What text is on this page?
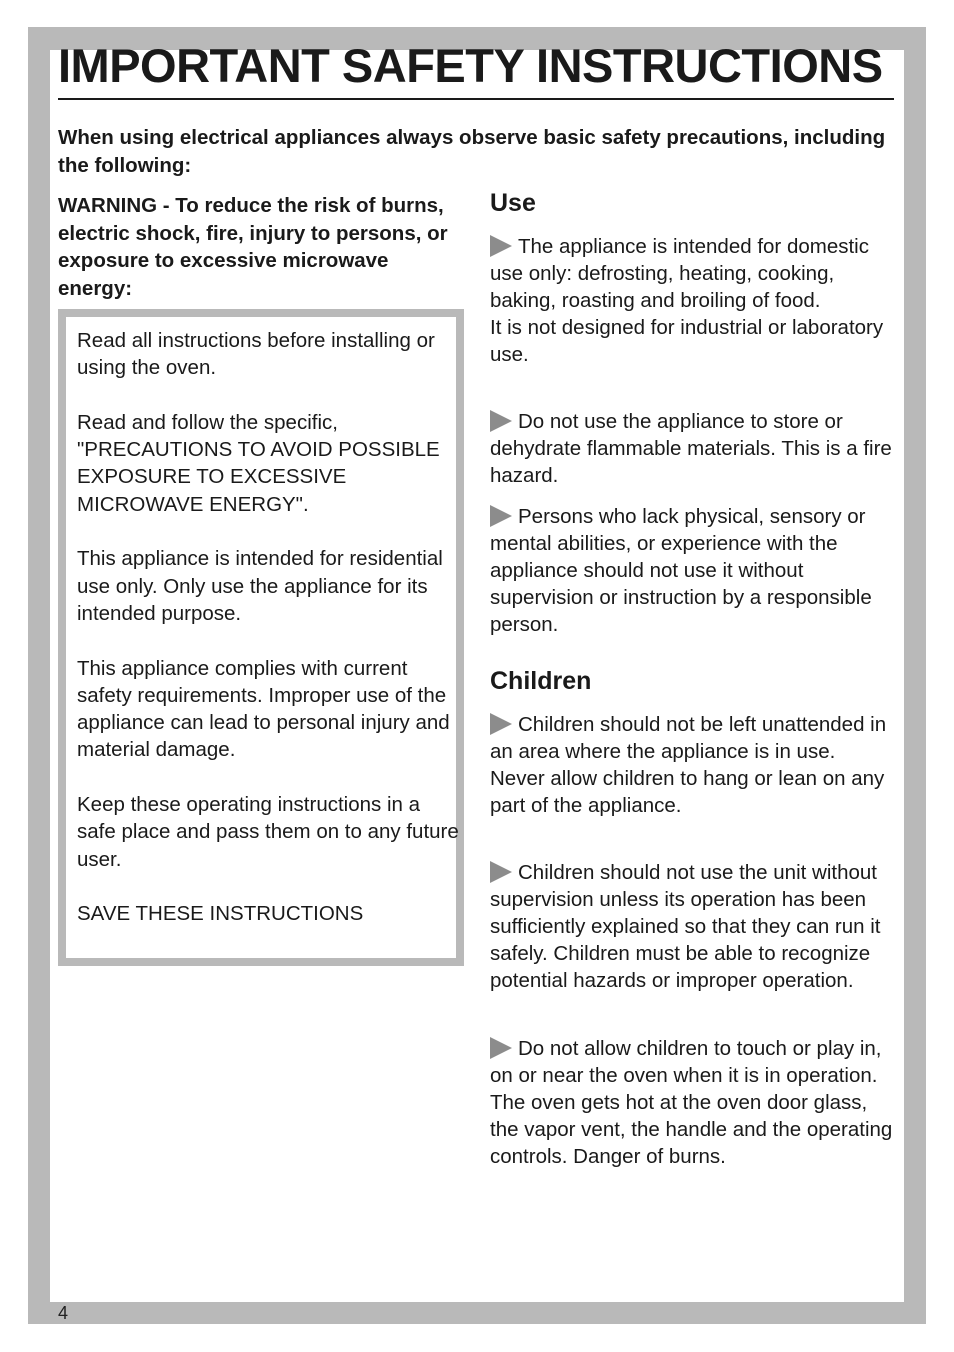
IMPORTANT SAFETY INSTRUCTIONS

When using electrical appliances always observe basic safety precautions, including the following:

WARNING - To reduce the risk of burns, electric shock, fire, injury to persons, or exposure to excessive microwave energy:

Read all instructions before installing or using the oven.

Read and follow the specific, "PRECAUTIONS TO AVOID POSSIBLE EXPOSURE TO EXCESSIVE MICROWAVE ENERGY".

This appliance is intended for residential use only. Only use the appliance for its intended purpose.

This appliance complies with current safety requirements. Improper use of the appliance can lead to personal injury and material damage.

Keep these operating instructions in a safe place and pass them on to any future user.

SAVE THESE INSTRUCTIONS

Use

The appliance is intended for domestic use only: defrosting, heating, cooking, baking, roasting and broiling of food.
It is not designed for industrial or laboratory use.

Do not use the appliance to store or dehydrate flammable materials. This is a fire hazard.

Persons who lack physical, sensory or mental abilities, or experience with the appliance should not use it without supervision or instruction by a responsible person.

Children

Children should not be left unattended in an area where the appliance is in use. Never allow children to hang or lean on any part of the appliance.

Children should not use the unit without supervision unless its operation has been sufficiently explained so that they can run it safely. Children must be able to recognize potential hazards or improper operation.

Do not allow children to touch or play in, on or near the oven when it is in operation. The oven gets hot at the oven door glass, the vapor vent, the handle and the operating controls. Danger of burns.

4
